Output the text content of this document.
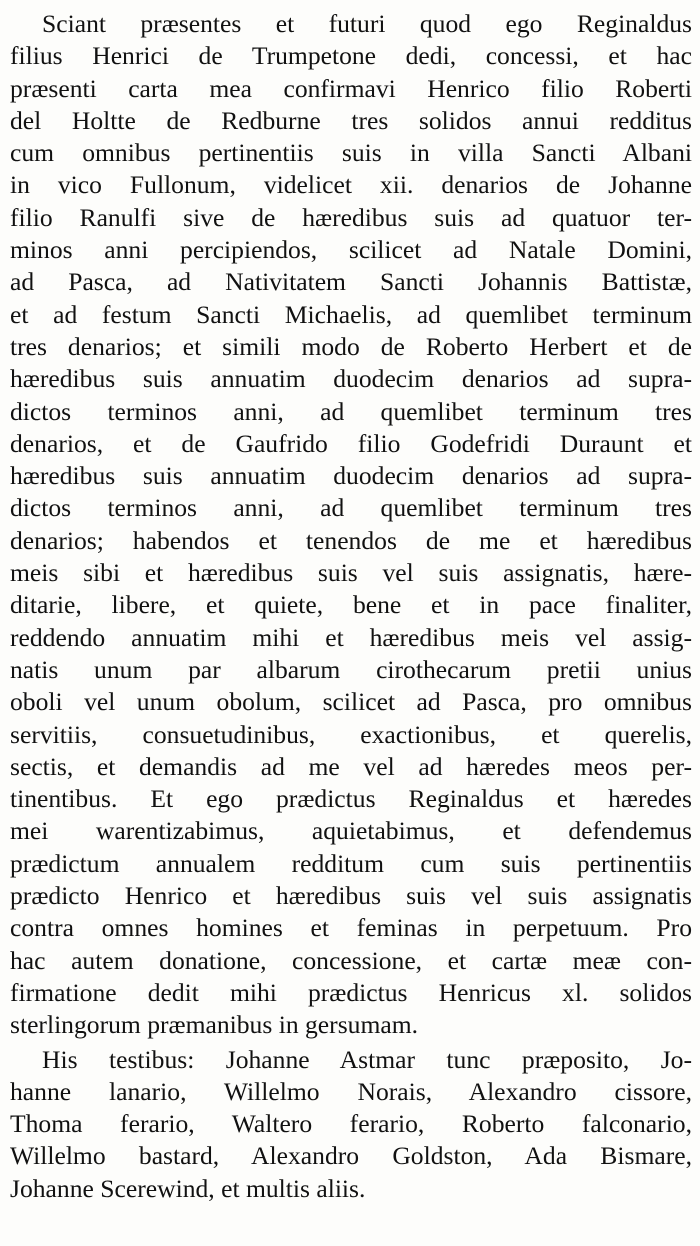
Sciant præsentes et futuri quod ego Reginaldus
filius Henrici de Trumpetone dedi, concessi, et hac
præsenti carta mea confirmavi Henrico filio Roberti
del Holtte de Redburne tres solidos annui redditus
cum omnibus pertinentiis suis in villa Sancti Albani
in vico Fullonum, videlicet xii. denarios de Johanne
filio Ranulfi sive de hæredibus suis ad quatuor ter-
minos anni percipiendos, scilicet ad Natale Domini,
ad Pasca, ad Nativitatem Sancti Johannis Battistæ,
et ad festum Sancti Michaelis, ad quemlibet terminum
tres denarios; et simili modo de Roberto Herbert et de
hæredibus suis annuatim duodecim denarios ad supra-
dictos terminos anni, ad quemlibet terminum tres
denarios, et de Gaufrido filio Godefridi Duraunt et
hæredibus suis annuatim duodecim denarios ad supra-
dictos terminos anni, ad quemlibet terminum tres
denarios; habendos et tenendos de me et hæredibus
meis sibi et hæredibus suis vel suis assignatis, hære-
ditarie, libere, et quiete, bene et in pace finaliter,
reddendo annuatim mihi et hæredibus meis vel assig-
natis unum par albarum cirothecarum pretii unius
oboli vel unum obolum, scilicet ad Pasca, pro omnibus
servitiis, consuetudinibus, exactionibus, et querelis,
sectis, et demandis ad me vel ad hæredes meos per-
tinentibus. Et ego prædictus Reginaldus et hæredes
mei warentizabimus, aquietabimus, et defendemus
prædictum annualem redditum cum suis pertinentiis
prædicto Henrico et hæredibus suis vel suis assignatis
contra omnes homines et feminas in perpetuum. Pro
hac autem donatione, concessione, et cartæ meæ con-
firmatione dedit mihi prædictus Henricus xl. solidos
sterlingorum præmanibus in gersumam.
His testibus: Johanne Astmar tunc præposito, Jo-
hanne lanario, Willelmo Norais, Alexandro cissore,
Thoma ferario, Waltero ferario, Roberto falconario,
Willelmo bastard, Alexandro Goldston, Ada Bismare,
Johanne Scerewind, et multis aliis.
